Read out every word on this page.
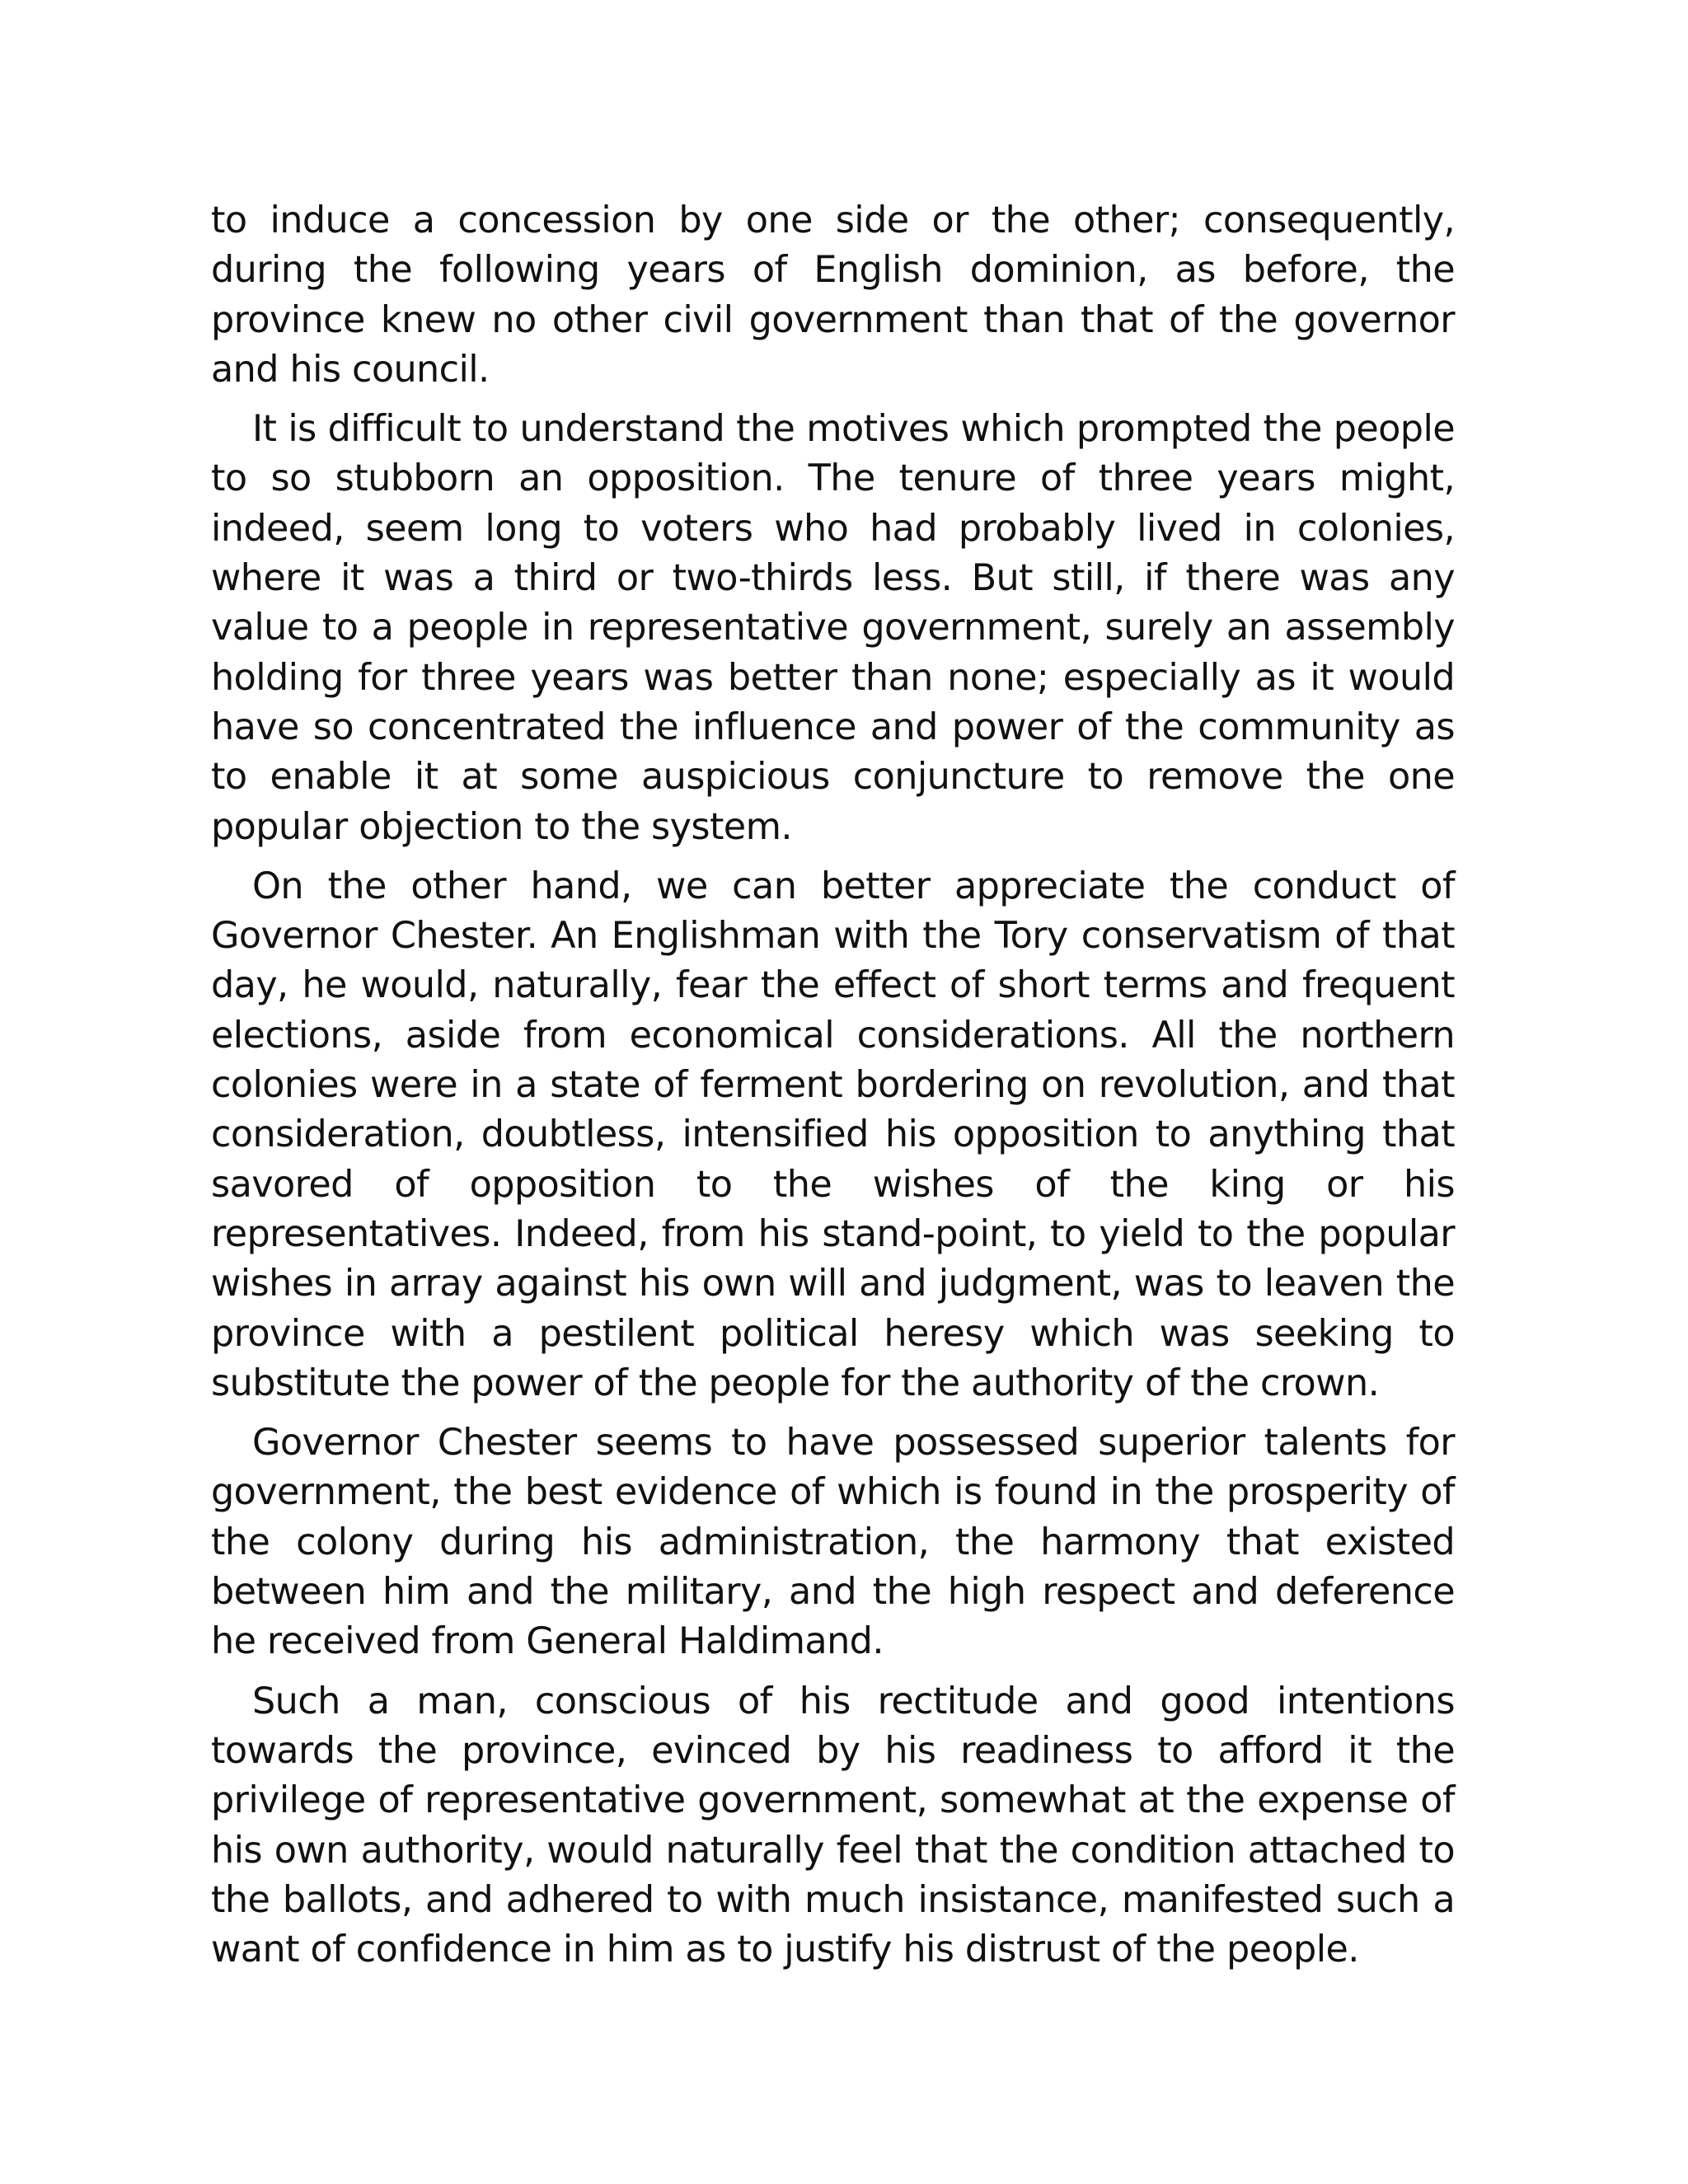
to induce a concession by one side or the other; consequently, during the following years of English dominion, as before, the province knew no other civil government than that of the governor and his council.

It is difficult to understand the motives which prompted the people to so stubborn an opposition. The tenure of three years might, indeed, seem long to voters who had probably lived in colonies, where it was a third or two-thirds less. But still, if there was any value to a people in representative government, surely an assembly holding for three years was better than none; especially as it would have so concentrated the influence and power of the community as to enable it at some auspicious conjuncture to remove the one popular objection to the system.

On the other hand, we can better appreciate the conduct of Governor Chester. An Englishman with the Tory conservatism of that day, he would, naturally, fear the effect of short terms and frequent elections, aside from economical considerations. All the northern colonies were in a state of ferment bordering on revolution, and that consideration, doubtless, intensified his opposition to anything that savored of opposition to the wishes of the king or his representatives. Indeed, from his stand-point, to yield to the popular wishes in array against his own will and judgment, was to leaven the province with a pestilent political heresy which was seeking to substitute the power of the people for the authority of the crown.

Governor Chester seems to have possessed superior talents for government, the best evidence of which is found in the prosperity of the colony during his administration, the harmony that existed between him and the military, and the high respect and deference he received from General Haldimand.

Such a man, conscious of his rectitude and good intentions towards the province, evinced by his readiness to afford it the privilege of representative government, somewhat at the expense of his own authority, would naturally feel that the condition attached to the ballots, and adhered to with much insistance, manifested such a want of confidence in him as to justify his distrust of the people.
